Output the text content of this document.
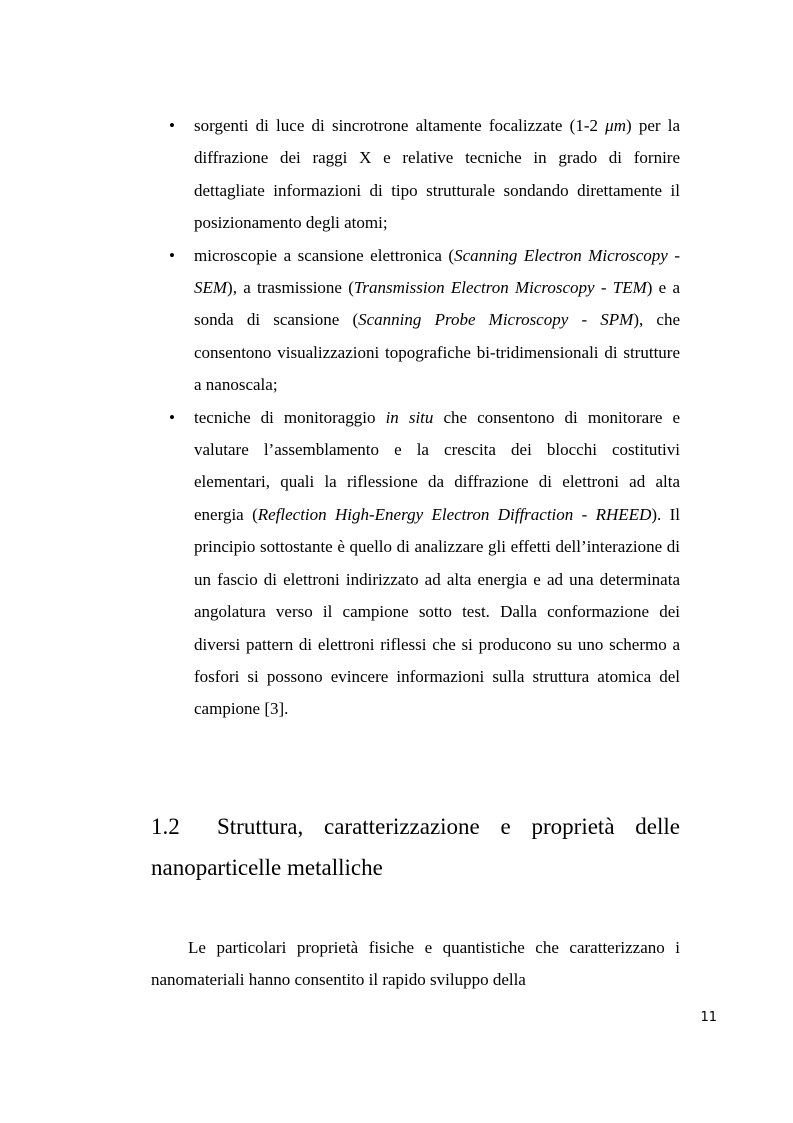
• sorgenti di luce di sincrotrone altamente focalizzate (1-2 μm) per la diffrazione dei raggi X e relative tecniche in grado di fornire dettagliate informazioni di tipo strutturale sondando direttamente il posizionamento degli atomi;
• microscopie a scansione elettronica (Scanning Electron Microscopy - SEM), a trasmissione (Transmission Electron Microscopy - TEM) e a sonda di scansione (Scanning Probe Microscopy - SPM), che consentono visualizzazioni topografiche bi-tridimensionali di strutture a nanoscala;
• tecniche di monitoraggio in situ che consentono di monitorare e valutare l’assemblamento e la crescita dei blocchi costitutivi elementari, quali la riflessione da diffrazione di elettroni ad alta energia (Reflection High-Energy Electron Diffraction - RHEED). Il principio sottostante è quello di analizzare gli effetti dell’interazione di un fascio di elettroni indirizzato ad alta energia e ad una determinata angolatura verso il campione sotto test. Dalla conformazione dei diversi pattern di elettroni riflessi che si producono su uno schermo a fosfori si possono evincere informazioni sulla struttura atomica del campione [3].
1.2 Struttura, caratterizzazione e proprietà delle nanoparticelle metalliche

Le particolari proprietà fisiche e quantistiche che caratterizzano i nanomateriali hanno consentito il rapido sviluppo della

11
